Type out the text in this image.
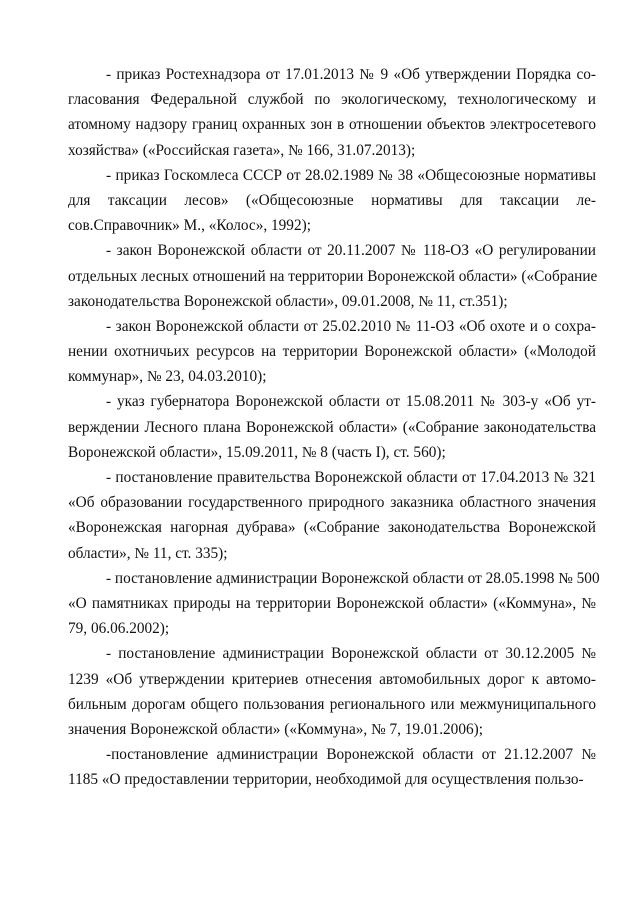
- приказ Ростехнадзора от 17.01.2013 № 9 «Об утверждении Порядка со-
гласования Федеральной службой по экологическому, технологическому и
атомному надзору границ охранных зон в отношении объектов электросетевого
хозяйства» («Российская газета», № 166, 31.07.2013);
- приказ Госкомлеса СССР от 28.02.1989 № 38 «Общесоюзные нормативы
для таксации лесов» («Общесоюзные нормативы для таксации ле-
сов.Справочник» М., «Колос», 1992);
- закон Воронежской области от 20.11.2007 № 118-ОЗ «О регулировании
отдельных лесных отношений на территории Воронежской области» («Собрание
законодательства Воронежской области», 09.01.2008, № 11, ст.351);
- закон Воронежской области от 25.02.2010 № 11-ОЗ «Об охоте и о сохра-
нении охотничьих ресурсов на территории Воронежской области» («Молодой
коммунар», № 23, 04.03.2010);
- указ губернатора Воронежской области от 15.08.2011 № 303-у «Об ут-
верждении Лесного плана Воронежской области» («Собрание законодательства
Воронежской области», 15.09.2011, № 8 (часть I), ст. 560);
- постановление правительства Воронежской области от 17.04.2013 № 321
«Об образовании государственного природного заказника областного значения
«Воронежская нагорная дубрава» («Собрание законодательства Воронежской
области», № 11, ст. 335);
- постановление администрации Воронежской области от 28.05.1998 № 500
«О памятниках природы на территории Воронежской области» («Коммуна», №
79, 06.06.2002);
- постановление администрации Воронежской области от 30.12.2005 №
1239 «Об утверждении критериев отнесения автомобильных дорог к автомо-
бильным дорогам общего пользования регионального или межмуниципального
значения Воронежской области» («Коммуна», № 7, 19.01.2006);
-постановление администрации Воронежской области от 21.12.2007 №
1185 «О предоставлении территории, необходимой для осуществления пользо-
